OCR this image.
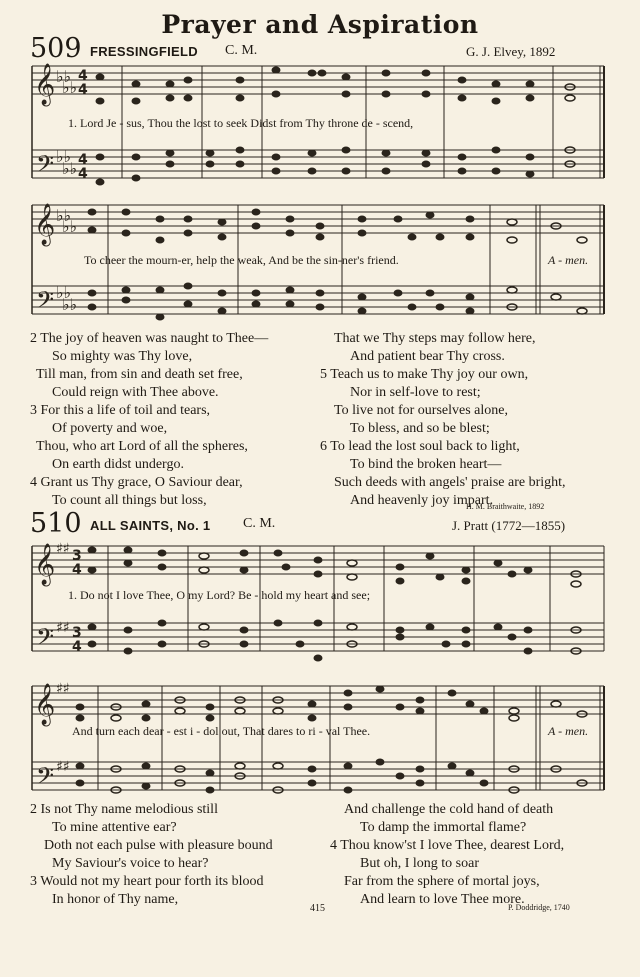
Prayer and Aspiration
509 FRESSINGFIELD C. M.	G. J. Elvey, 1892
𝄞
𝄢
♭♭
♭♭
♭♭
♭♭
4
4
4
4
𝄞
𝄢
♭♭
♭♭
♭♭
♭♭
1. Lord Je - sus, Thou the lost to seek Didst from Thy throne de - scend,
To cheer the mourn-er, help the weak, And be the sin-ner's friend.	A - men.
2 The joy of heaven was naught to Thee—
So mighty was Thy love,
Till man, from sin and death set free,
Could reign with Thee above.
3 For this a life of toil and tears,
Of poverty and woe,
Thou, who art Lord of all the spheres,
On earth didst undergo.
4 Grant us Thy grace, O Saviour dear,
To count all things but loss,
That we Thy steps may follow here,
And patient bear Thy cross.
5 Teach us to make Thy joy our own,
Nor in self-love to rest;
To live not for ourselves alone,
To bless, and so be blest;
6 To lead the lost soul back to light,
To bind the broken heart—
Such deeds with angels' praise are bright,
And heavenly joy impart.
H. M. Braithwaite, 1892
510 ALL SAINTS, No. 1 C. M.	J. Pratt (1772—1855)
𝄞
𝄢
♯♯
♯♯
3
4
3
4
𝄞
𝄢
♯♯
♯♯
1. Do not I love Thee, O my Lord? Be - hold my heart and see;
And turn each dear - est i - dol out, That dares to ri - val Thee.	A - men.
2 Is not Thy name melodious still
To mine attentive ear?
Doth not each pulse with pleasure bound
My Saviour's voice to hear?
3 Would not my heart pour forth its blood
In honor of Thy name,
And challenge the cold hand of death
To damp the immortal flame?
4 Thou know'st I love Thee, dearest Lord,
But oh, I long to soar
Far from the sphere of mortal joys,
And learn to love Thee more.
415	P. Doddridge, 1740
